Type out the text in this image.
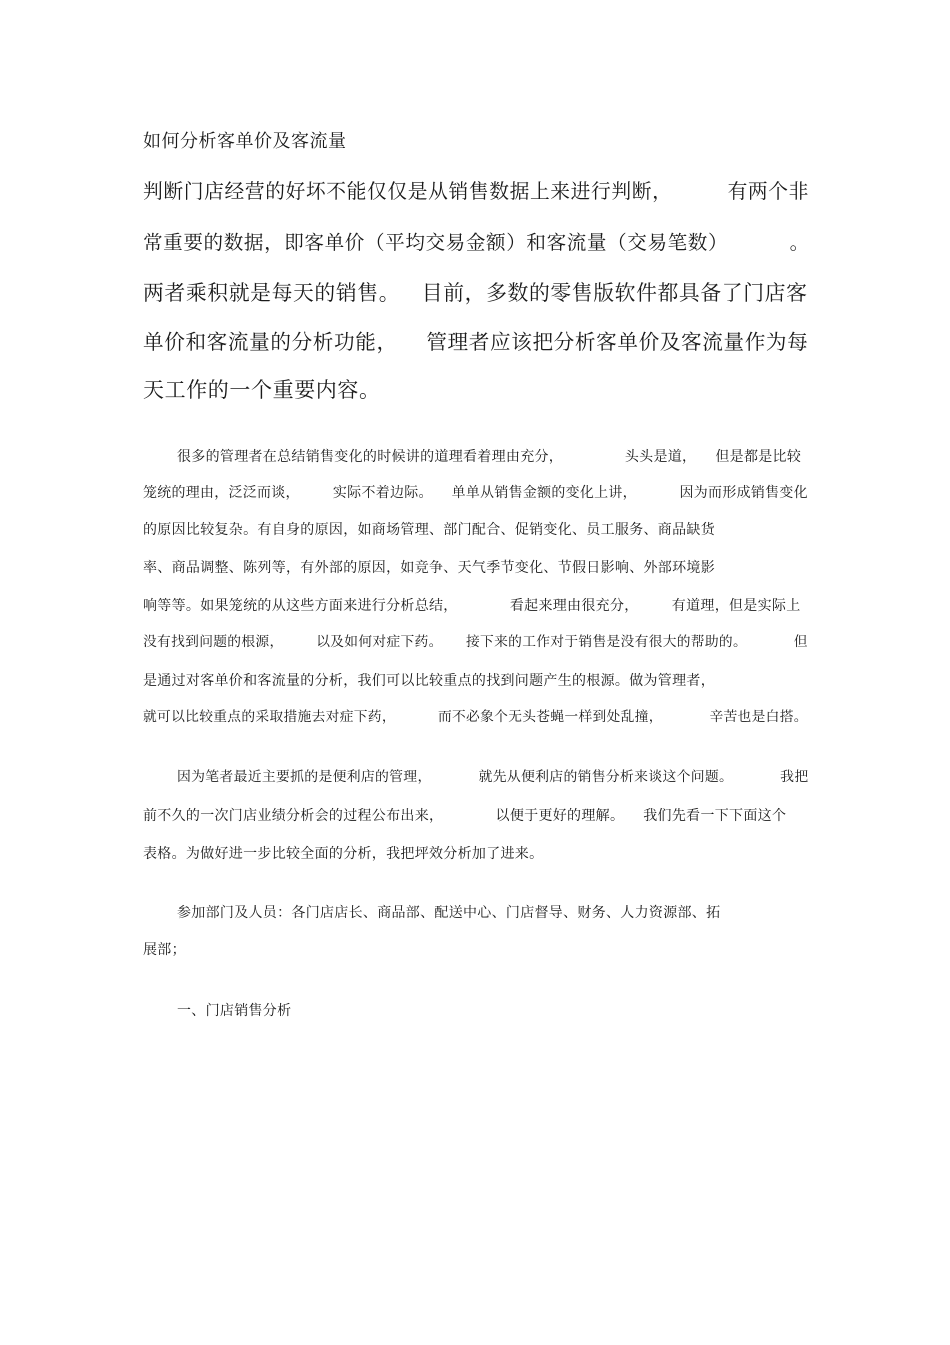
如何分析客单价及客流量

判断门店经营的好坏不能仅仅是从销售数据上来进行判断，        有两个非

常重要的数据，即客单价（平均交易金额）和客流量（交易笔数）         。

两者乘积就是每天的销售。   目前，多数的零售版软件都具备了门店客

单价和客流量的分析功能，    管理者应该把分析客单价及客流量作为每

天工作的一个重要内容。

很多的管理者在总结销售变化的时候讲的道理看着理由充分，             头头是道，    但是都是比较

笼统的理由，泛泛而谈，       实际不着边际。    单单从销售金额的变化上讲，         因为而形成销售变化

的原因比较复杂。有自身的原因，如商场管理、部门配合、促销变化、员工服务、商品缺货

率、商品调整、陈列等，有外部的原因，如竞争、天气季节变化、节假日影响、外部环境影

响等等。如果笼统的从这些方面来进行分析总结，           看起来理由很充分，       有道理，但是实际上

没有找到问题的根源，       以及如何对症下药。     接下来的工作对于销售是没有很大的帮助的。          但

是通过对客单价和客流量的分析，我们可以比较重点的找到问题产生的根源。做为管理者，

就可以比较重点的采取措施去对症下药，         而不必象个无头苍蝇一样到处乱撞，          辛苦也是白搭。

因为笔者最近主要抓的是便利店的管理，          就先从便利店的销售分析来谈这个问题。          我把

前不久的一次门店业绩分析会的过程公布出来，           以便于更好的理解。    我们先看一下下面这个

表格。为做好进一步比较全面的分析，我把坪效分析加了进来。

参加部门及人员：各门店店长、商品部、配送中心、门店督导、财务、人力资源部、拓

展部；

一、门店销售分析
